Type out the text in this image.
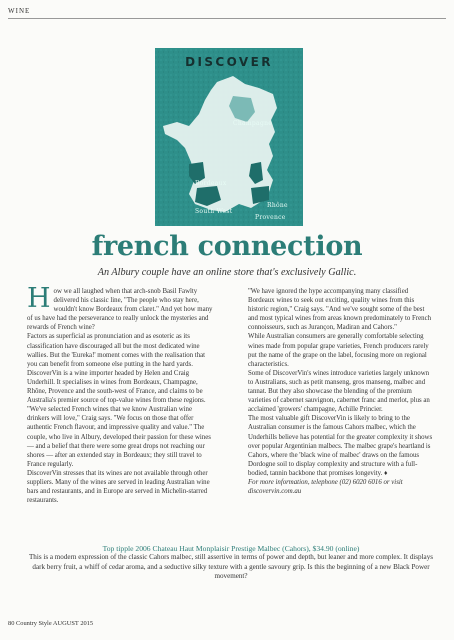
WINE
DISCOVER
Champagne
Bordeaux
Rhône
South West
Provence
french connection
An Albury couple have an online store that's exclusively Gallic.

How we all laughed when that arch-snob Basil Fawlty delivered his classic line, "The people who stay here, wouldn't know Bordeaux from claret." And yet how many of us have had the perseverance to really unlock the mysteries and rewards of French wine?

Factors as superficial as pronunciation and as esoteric as its classification have discouraged all but the most dedicated wine wallies. But the 'Eureka!' moment comes with the realisation that you can benefit from someone else putting in the hard yards.

DiscoverVin is a wine importer headed by Helen and Craig Underhill. It specialises in wines from Bordeaux, Champagne, Rhône, Provence and the south-west of France, and claims to be Australia's premier source of top-value wines from these regions.

"We've selected French wines that we know Australian wine drinkers will love," Craig says. "We focus on those that offer authentic French flavour, and impressive quality and value." The couple, who live in Albury, developed their passion for these wines — and a belief that there were some great drops not reaching our shores — after an extended stay in Bordeaux; they still travel to France regularly.

DiscoverVin stresses that its wines are not available through other suppliers. Many of the wines are served in leading Australian wine bars and restaurants, and in Europe are served in Michelin-starred restaurants.

"We have ignored the hype accompanying many classified Bordeaux wines to seek out exciting, quality wines from this historic region," Craig says. "And we've sought some of the best and most typical wines from areas known predominately to French connoisseurs, such as Jurançon, Madiran and Cahors."

While Australian consumers are generally comfortable selecting wines made from popular grape varieties, French producers rarely put the name of the grape on the label, focusing more on regional characteristics.

Some of DiscoverVin's wines introduce varieties largely unknown to Australians, such as petit manseng, gros manseng, malbec and tannat. But they also showcase the blending of the premium varieties of cabernet sauvignon, cabernet franc and merlot, plus an acclaimed 'growers' champagne, Achille Princier.

The most valuable gift DiscoverVin is likely to bring to the Australian consumer is the famous Cahors malbec, which the Underhills believe has potential for the greater complexity it shows over popular Argentinian malbecs. The malbec grape's heartland is Cahors, where the 'black wine of malbec' draws on the famous Dordogne soil to display complexity and structure with a full-bodied, tannin backbone that promises longevity. ♦

For more information, telephone (02) 6020 6016 or visit discovervin.com.au

Top tipple 2006 Chateau Haut Monplaisir Prestige Malbec (Cahors), $34.90 (online)
This is a modern expression of the classic Cahors malbec, still assertive in terms of power and depth, but leaner and more complex. It displays dark berry fruit, a whiff of cedar aroma, and a seductive silky texture with a gentle savoury grip. Is this the beginning of a new Black Power movement?
80 Country Style AUGUST 2015
